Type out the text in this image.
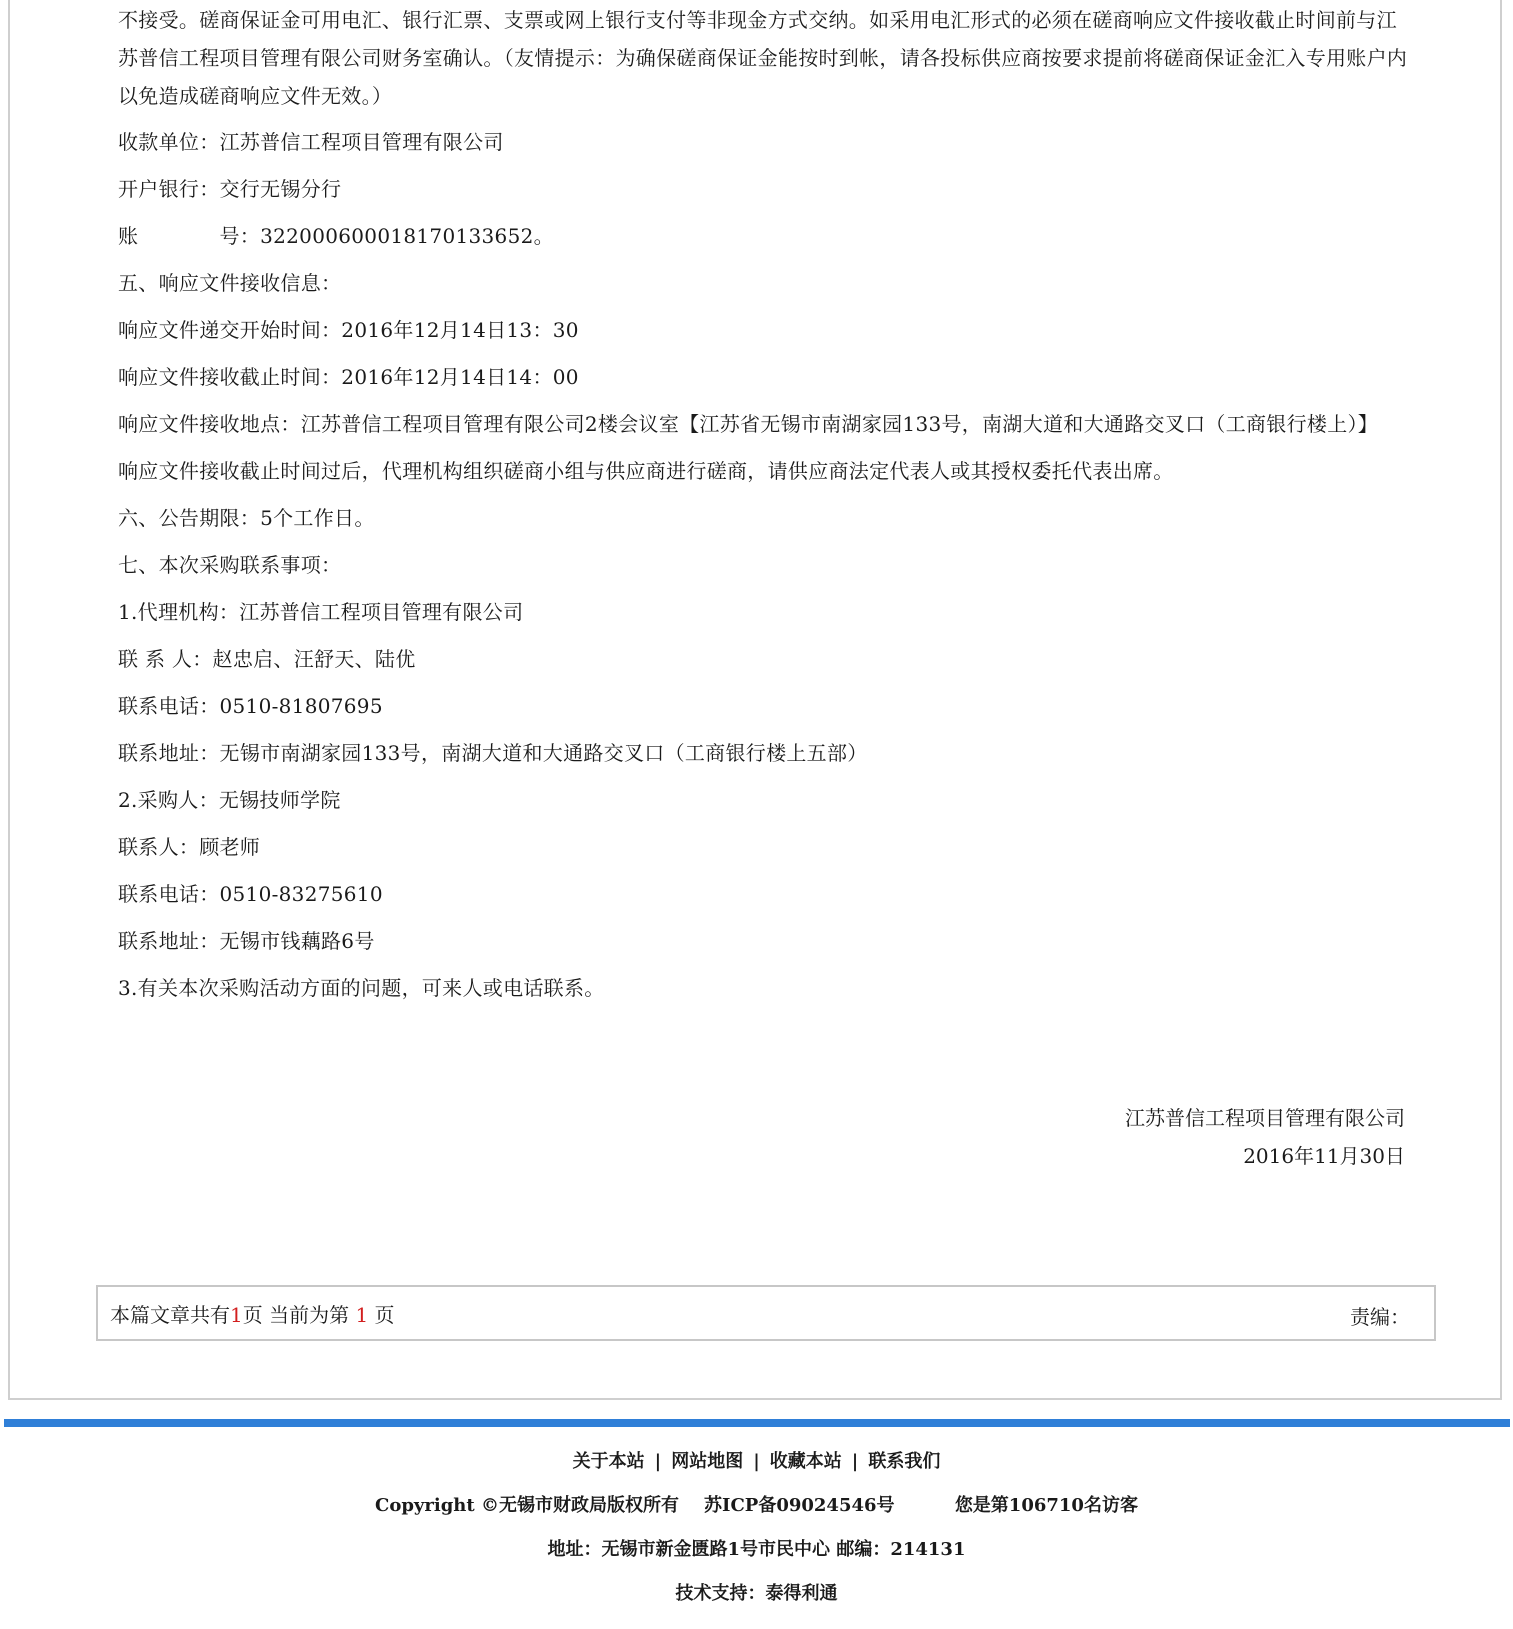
不接受。磋商保证金可用电汇、银行汇票、支票或网上银行支付等非现金方式交纳。如采用电汇形式的必须在磋商响应文件接收截止时间前与江苏普信工程项目管理有限公司财务室确认。（友情提示：为确保磋商保证金能按时到帐，请各投标供应商按要求提前将磋商保证金汇入专用账户内以免造成磋商响应文件无效。）

收款单位：江苏普信工程项目管理有限公司

开户银行：交行无锡分行

账　　　　号：322000600018170133652。

五、响应文件接收信息：

响应文件递交开始时间：2016年12月14日13：30

响应文件接收截止时间：2016年12月14日14：00

响应文件接收地点：江苏普信工程项目管理有限公司2楼会议室【江苏省无锡市南湖家园133号，南湖大道和大通路交叉口（工商银行楼上）】

响应文件接收截止时间过后，代理机构组织磋商小组与供应商进行磋商，请供应商法定代表人或其授权委托代表出席。

六、公告期限：5个工作日。

七、本次采购联系事项：

1.代理机构：江苏普信工程项目管理有限公司

联 系 人：赵忠启、汪舒天、陆优

联系电话：0510-81807695

联系地址：无锡市南湖家园133号，南湖大道和大通路交叉口（工商银行楼上五部）

2.采购人：无锡技师学院

联系人：顾老师

联系电话：0510-83275610

联系地址：无锡市钱藕路6号

3.有关本次采购活动方面的问题，可来人或电话联系。

江苏普信工程项目管理有限公司
2016年11月30日
本篇文章共有1页 当前为第 1 页	责编：
关于本站 | 网站地图 | 收藏本站 | 联系我们
Copyright ©无锡市财政局版权所有 苏ICP备09024546号	您是第106710名访客
地址：无锡市新金匮路1号市民中心 邮编：214131
技术支持：泰得利通
